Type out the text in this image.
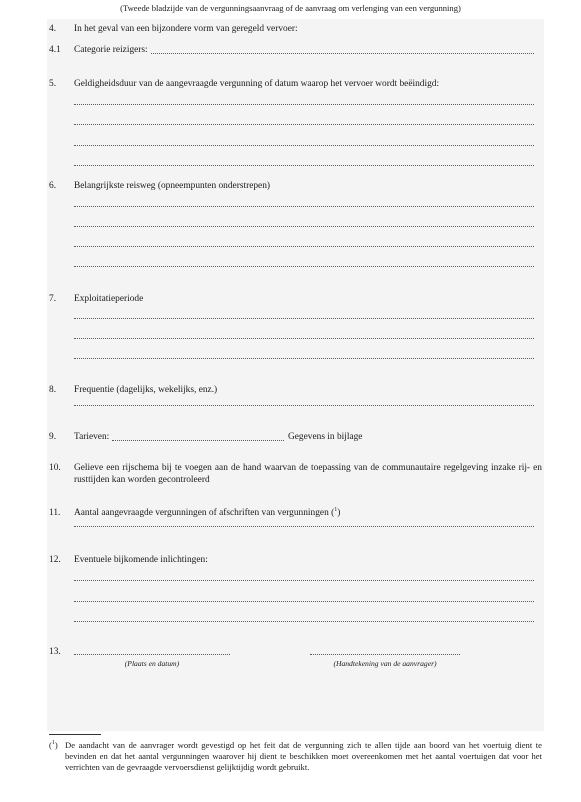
(Tweede bladzijde van de vergunningsaanvraag of de aanvraag om verlenging van een vergunning)
4. In het geval van een bijzondere vorm van geregeld vervoer:
4.1 Categorie reizigers:
5. Geldigheidsduur van de aangevraagde vergunning of datum waarop het vervoer wordt beëindigd:
6. Belangrijkste reisweg (opneempunten onderstrepen)
7. Exploitatieperiode
8. Frequentie (dagelijks, wekelijks, enz.)
9. Tarieven:	Gegevens in bijlage
10. Gelieve een rijschema bij te voegen aan de hand waarvan de toepassing van de communautaire regelgeving inzake rij- en rusttijden kan worden gecontroleerd
11. Aantal aangevraagde vergunningen of afschriften van vergunningen ($^1$)
12. Eventuele bijkomende inlichtingen:
13.
(Plaats en datum)	(Handtekening van de aanvrager)
($^1$) De aandacht van de aanvrager wordt gevestigd op het feit dat de vergunning zich te allen tijde aan boord van het voertuig dient te bevinden en dat het aantal vergunningen waarover hij dient te beschikken moet overeenkomen met het aantal voertuigen dat voor het verrichten van de gevraagde vervoersdienst gelijktijdig wordt gebruikt.
